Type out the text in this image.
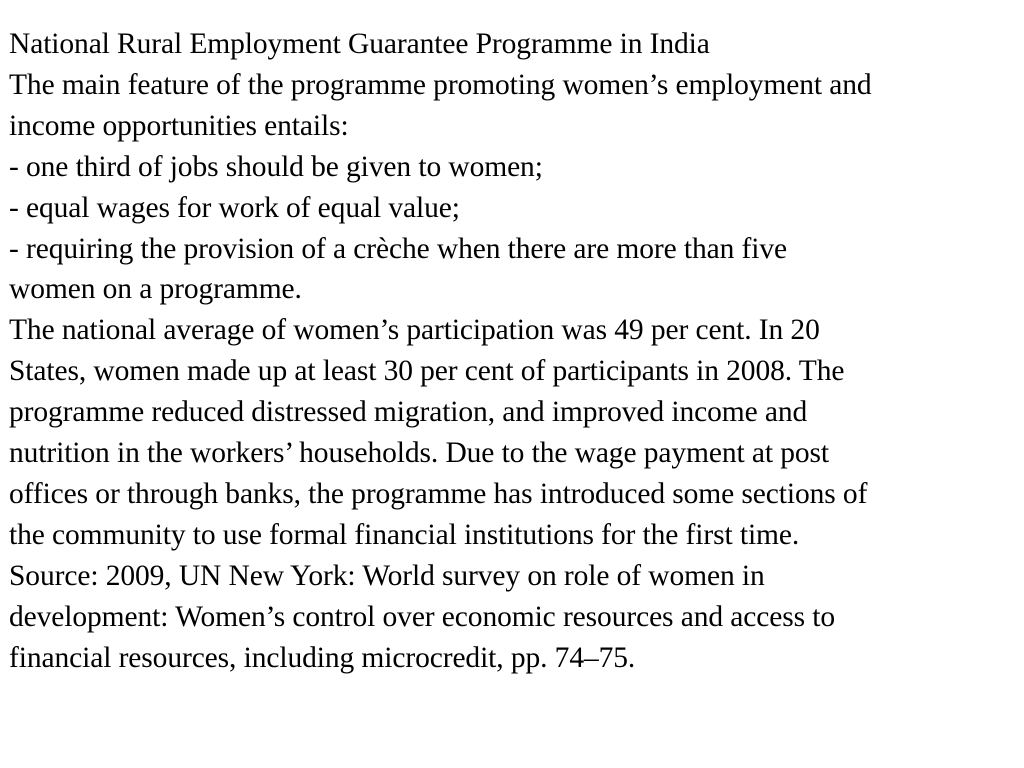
National Rural Employment Guarantee Programme in India
The main feature of the programme promoting women’s employment and
income opportunities entails:
- one third of jobs should be given to women;
- equal wages for work of equal value;
- requiring the provision of a crèche when there are more than five
women on a programme.
The national average of women’s participation was 49 per cent. In 20
States, women made up at least 30 per cent of participants in 2008. The
programme reduced distressed migration, and improved income and
nutrition in the workers’ households. Due to the wage payment at post
offices or through banks, the programme has introduced some sections of
the community to use formal financial institutions for the first time.
Source: 2009, UN New York: World survey on role of women in
development: Women’s control over economic resources and access to
financial resources, including microcredit, pp. 74–75.
